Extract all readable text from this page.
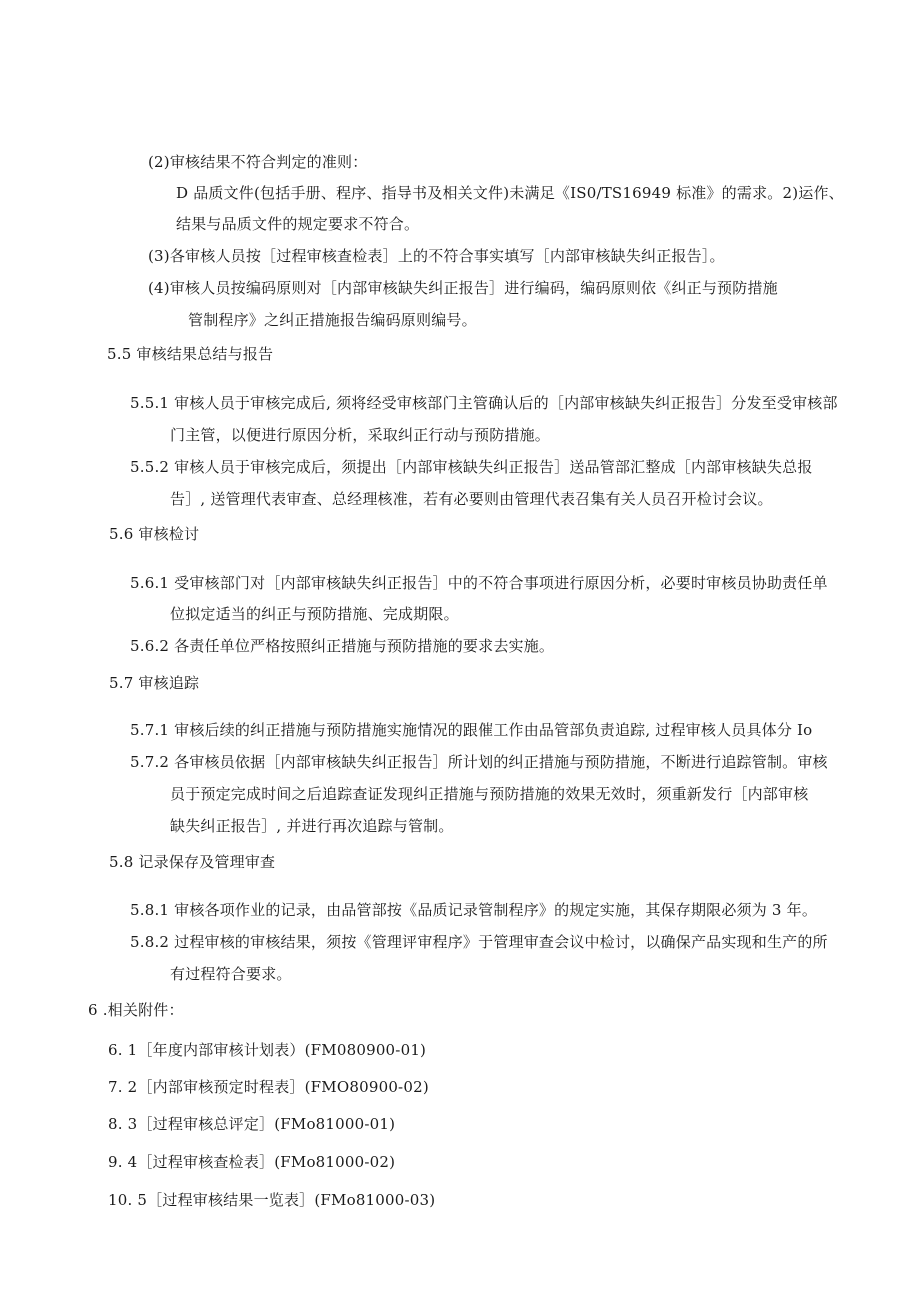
(2)审核结果不符合判定的准则：
D 品质文件(包括手册、程序、指导书及相关文件)未满足《IS0/TS16949 标准》的需求。2)运作、
结果与品质文件的规定要求不符合。
(3)各审核人员按［过程审核查检表］上的不符合事实填写［内部审核缺失纠正报告］。
(4)审核人员按编码原则对［内部审核缺失纠正报告］进行编码，编码原则依《纠正与预防措施
管制程序》之纠正措施报告编码原则编号。
5.5 审核结果总结与报告
5.5.1 审核人员于审核完成后, 须将经受审核部门主管确认后的［内部审核缺失纠正报告］分发至受审核部
门主管，以便进行原因分析，采取纠正行动与预防措施。
5.5.2 审核人员于审核完成后，须提出［内部审核缺失纠正报告］送品管部汇整成［内部审核缺失总报
告］, 送管理代表审查、总经理核准，若有必要则由管理代表召集有关人员召开检讨会议。
5.6 审核检讨
5.6.1 受审核部门对［内部审核缺失纠正报告］中的不符合事项进行原因分析，必要时审核员协助责任单
位拟定适当的纠正与预防措施、完成期限。
5.6.2 各责任单位严格按照纠正措施与预防措施的要求去实施。
5.7 审核追踪
5.7.1 审核后续的纠正措施与预防措施实施情况的跟催工作由品管部负责追踪, 过程审核人员具体分 Io
5.7.2 各审核员依据［内部审核缺失纠正报告］所计划的纠正措施与预防措施，不断进行追踪管制。审核
员于预定完成时间之后追踪查证发现纠正措施与预防措施的效果无效时，须重新发行［内部审核
缺失纠正报告］, 并进行再次追踪与管制。
5.8 记录保存及管理审查
5.8.1 审核各项作业的记录，由品管部按《品质记录管制程序》的规定实施，其保存期限必须为 3 年。
5.8.2 过程审核的审核结果，须按《管理评审程序》于管理审查会议中检讨，以确保产品实现和生产的所
有过程符合要求。
6 .相关附件：
6. 1［年度内部审核计划表）(FM080900-01)
7. 2［内部审核预定时程表］(FMO80900-02)
8. 3［过程审核总评定］(FMo81000-01)
9. 4［过程审核查检表］(FMo81000-02)
10. 5［过程审核结果一览表］(FMo81000-03)
